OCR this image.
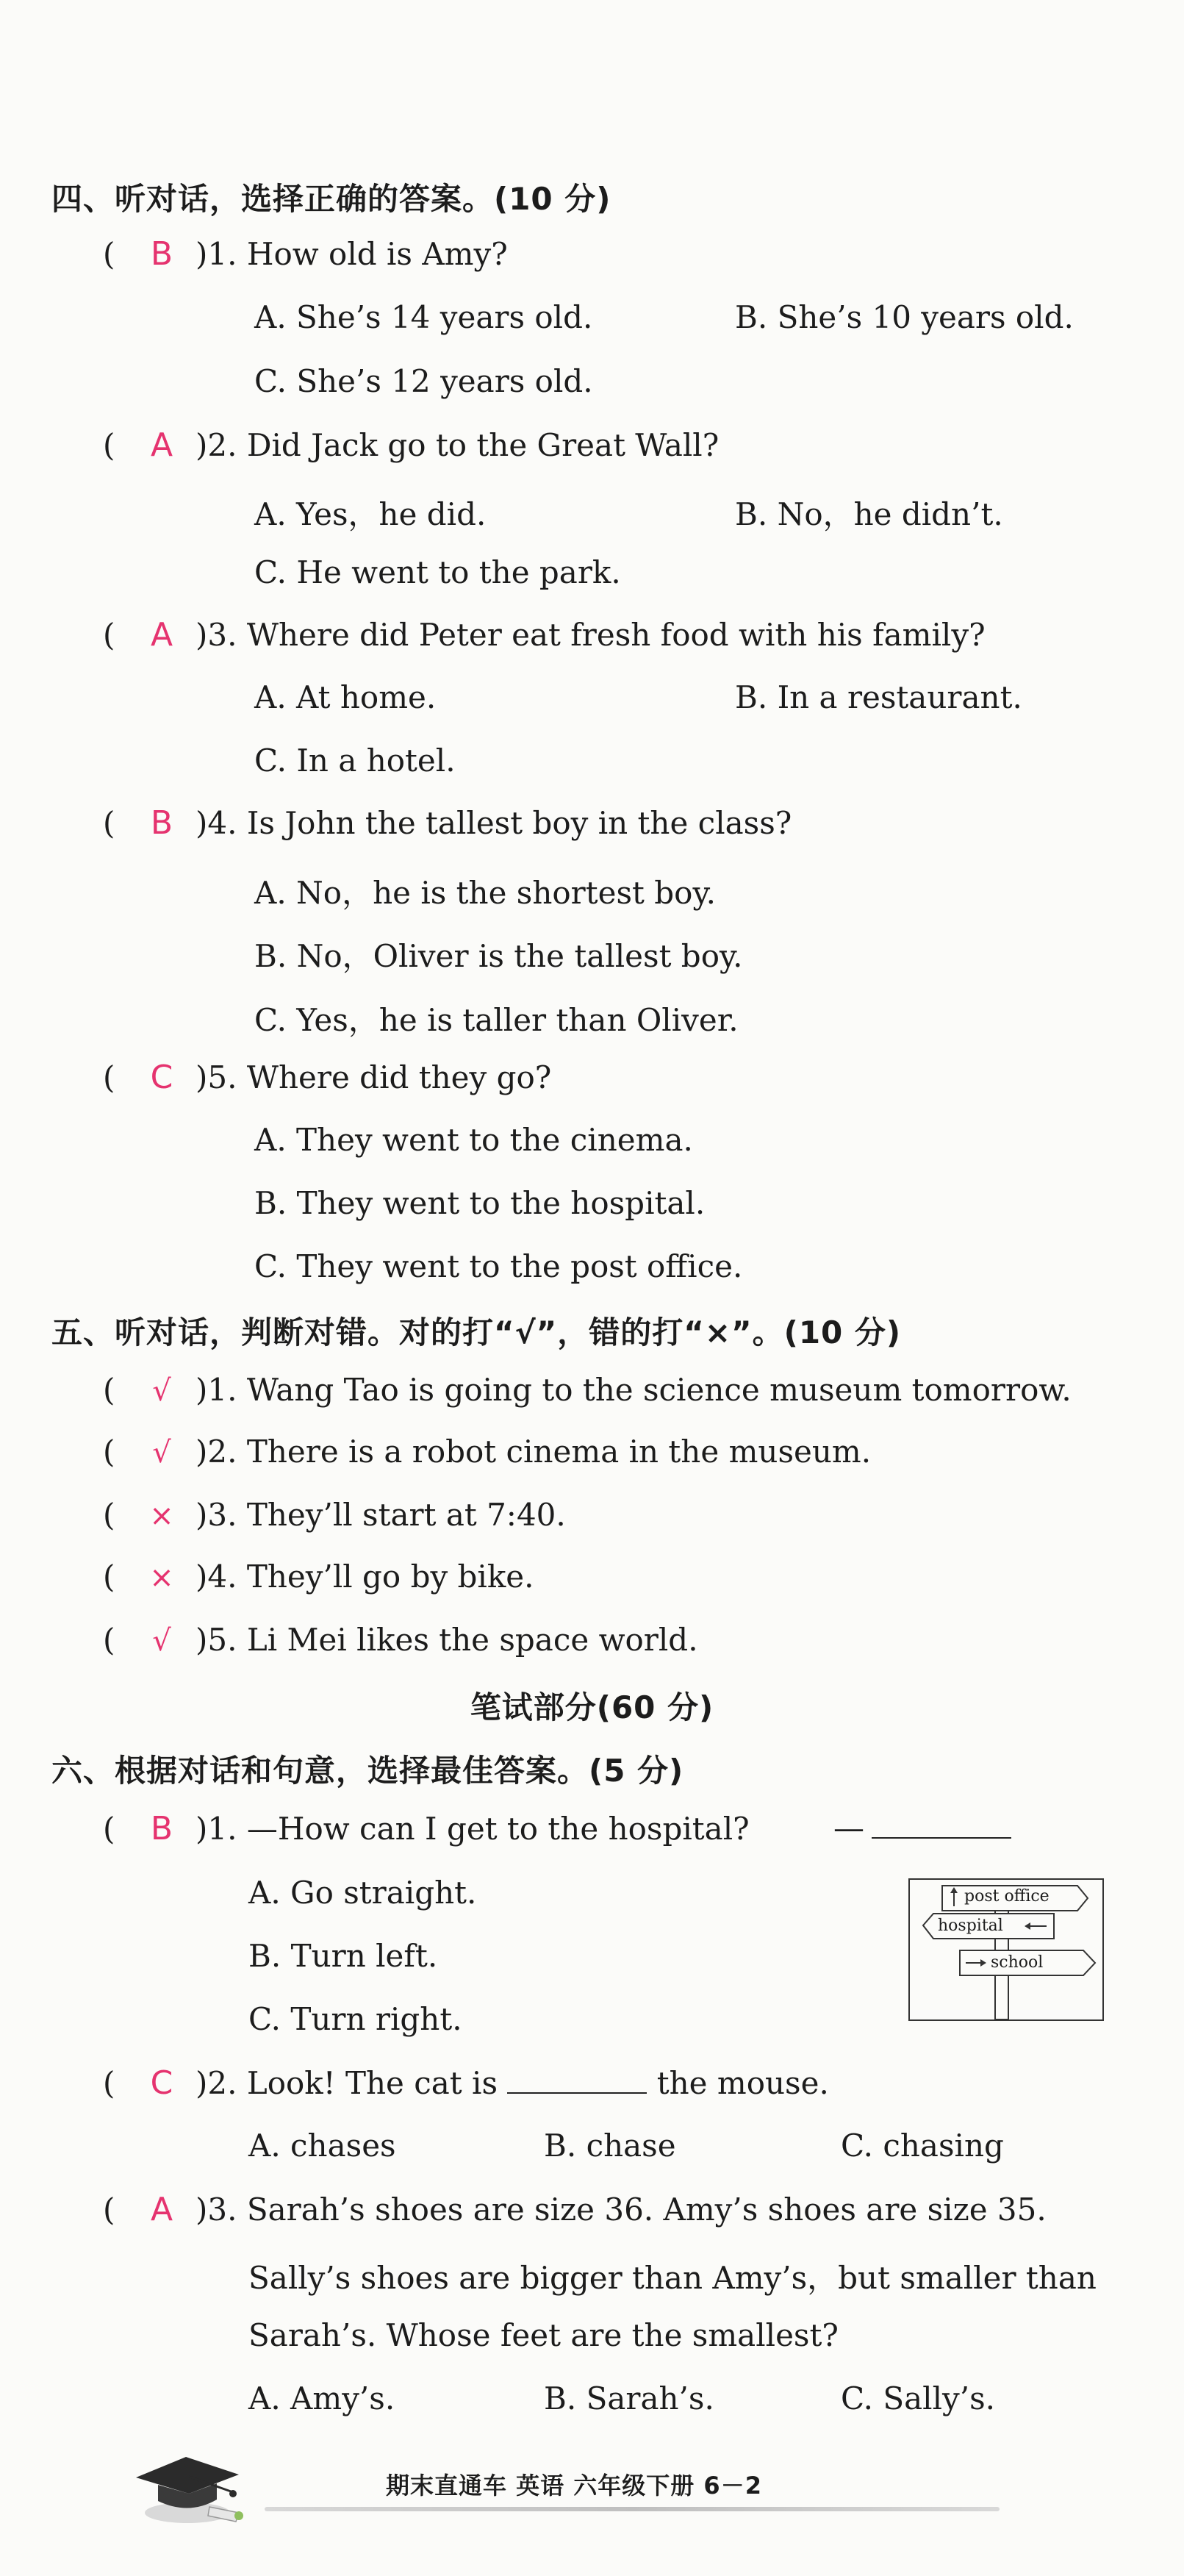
四、听对话，选择正确的答案。(10 分)
( B )1. How old is Amy?
A. She’s 14 years old.	B. She’s 10 years old.
C. She’s 12 years old.
( A )2. Did Jack go to the Great Wall?
A. Yes，he did.	B. No，he didn’t.
C. He went to the park.
( A )3. Where did Peter eat fresh food with his family?
A. At home.	B. In a restaurant.
C. In a hotel.
( B )4. Is John the tallest boy in the class?
A. No，he is the shortest boy.
B. No，Oliver is the tallest boy.
C. Yes，he is taller than Oliver.
( C )5. Where did they go?
A. They went to the cinema.
B. They went to the hospital.
C. They went to the post office.
五、听对话，判断对错。对的打“√”，错的打“×”。(10 分)
( √ )1. Wang Tao is going to the science museum tomorrow.
( √ )2. There is a robot cinema in the museum.
( × )3. They’ll start at 7:40.
( × )4. They’ll go by bike.
( √ )5. Li Mei likes the space world.
笔试部分(60 分)
六、根据对话和句意，选择最佳答案。(5 分)
( B )1. —How can I get to the hospital?	—
A. Go straight.
B. Turn left.
C. Turn right.
post office
hospital
school
( C )2. Look! The cat is	the mouse.
A. chases	B. chase	C. chasing
( A )3. Sarah’s shoes are size 36. Amy’s shoes are size 35.
Sally’s shoes are bigger than Amy’s，but smaller than
Sarah’s. Whose feet are the smallest?
A. Amy’s.	B. Sarah’s.	C. Sally’s.
期末直通车 英语 六年级下册 6－2
